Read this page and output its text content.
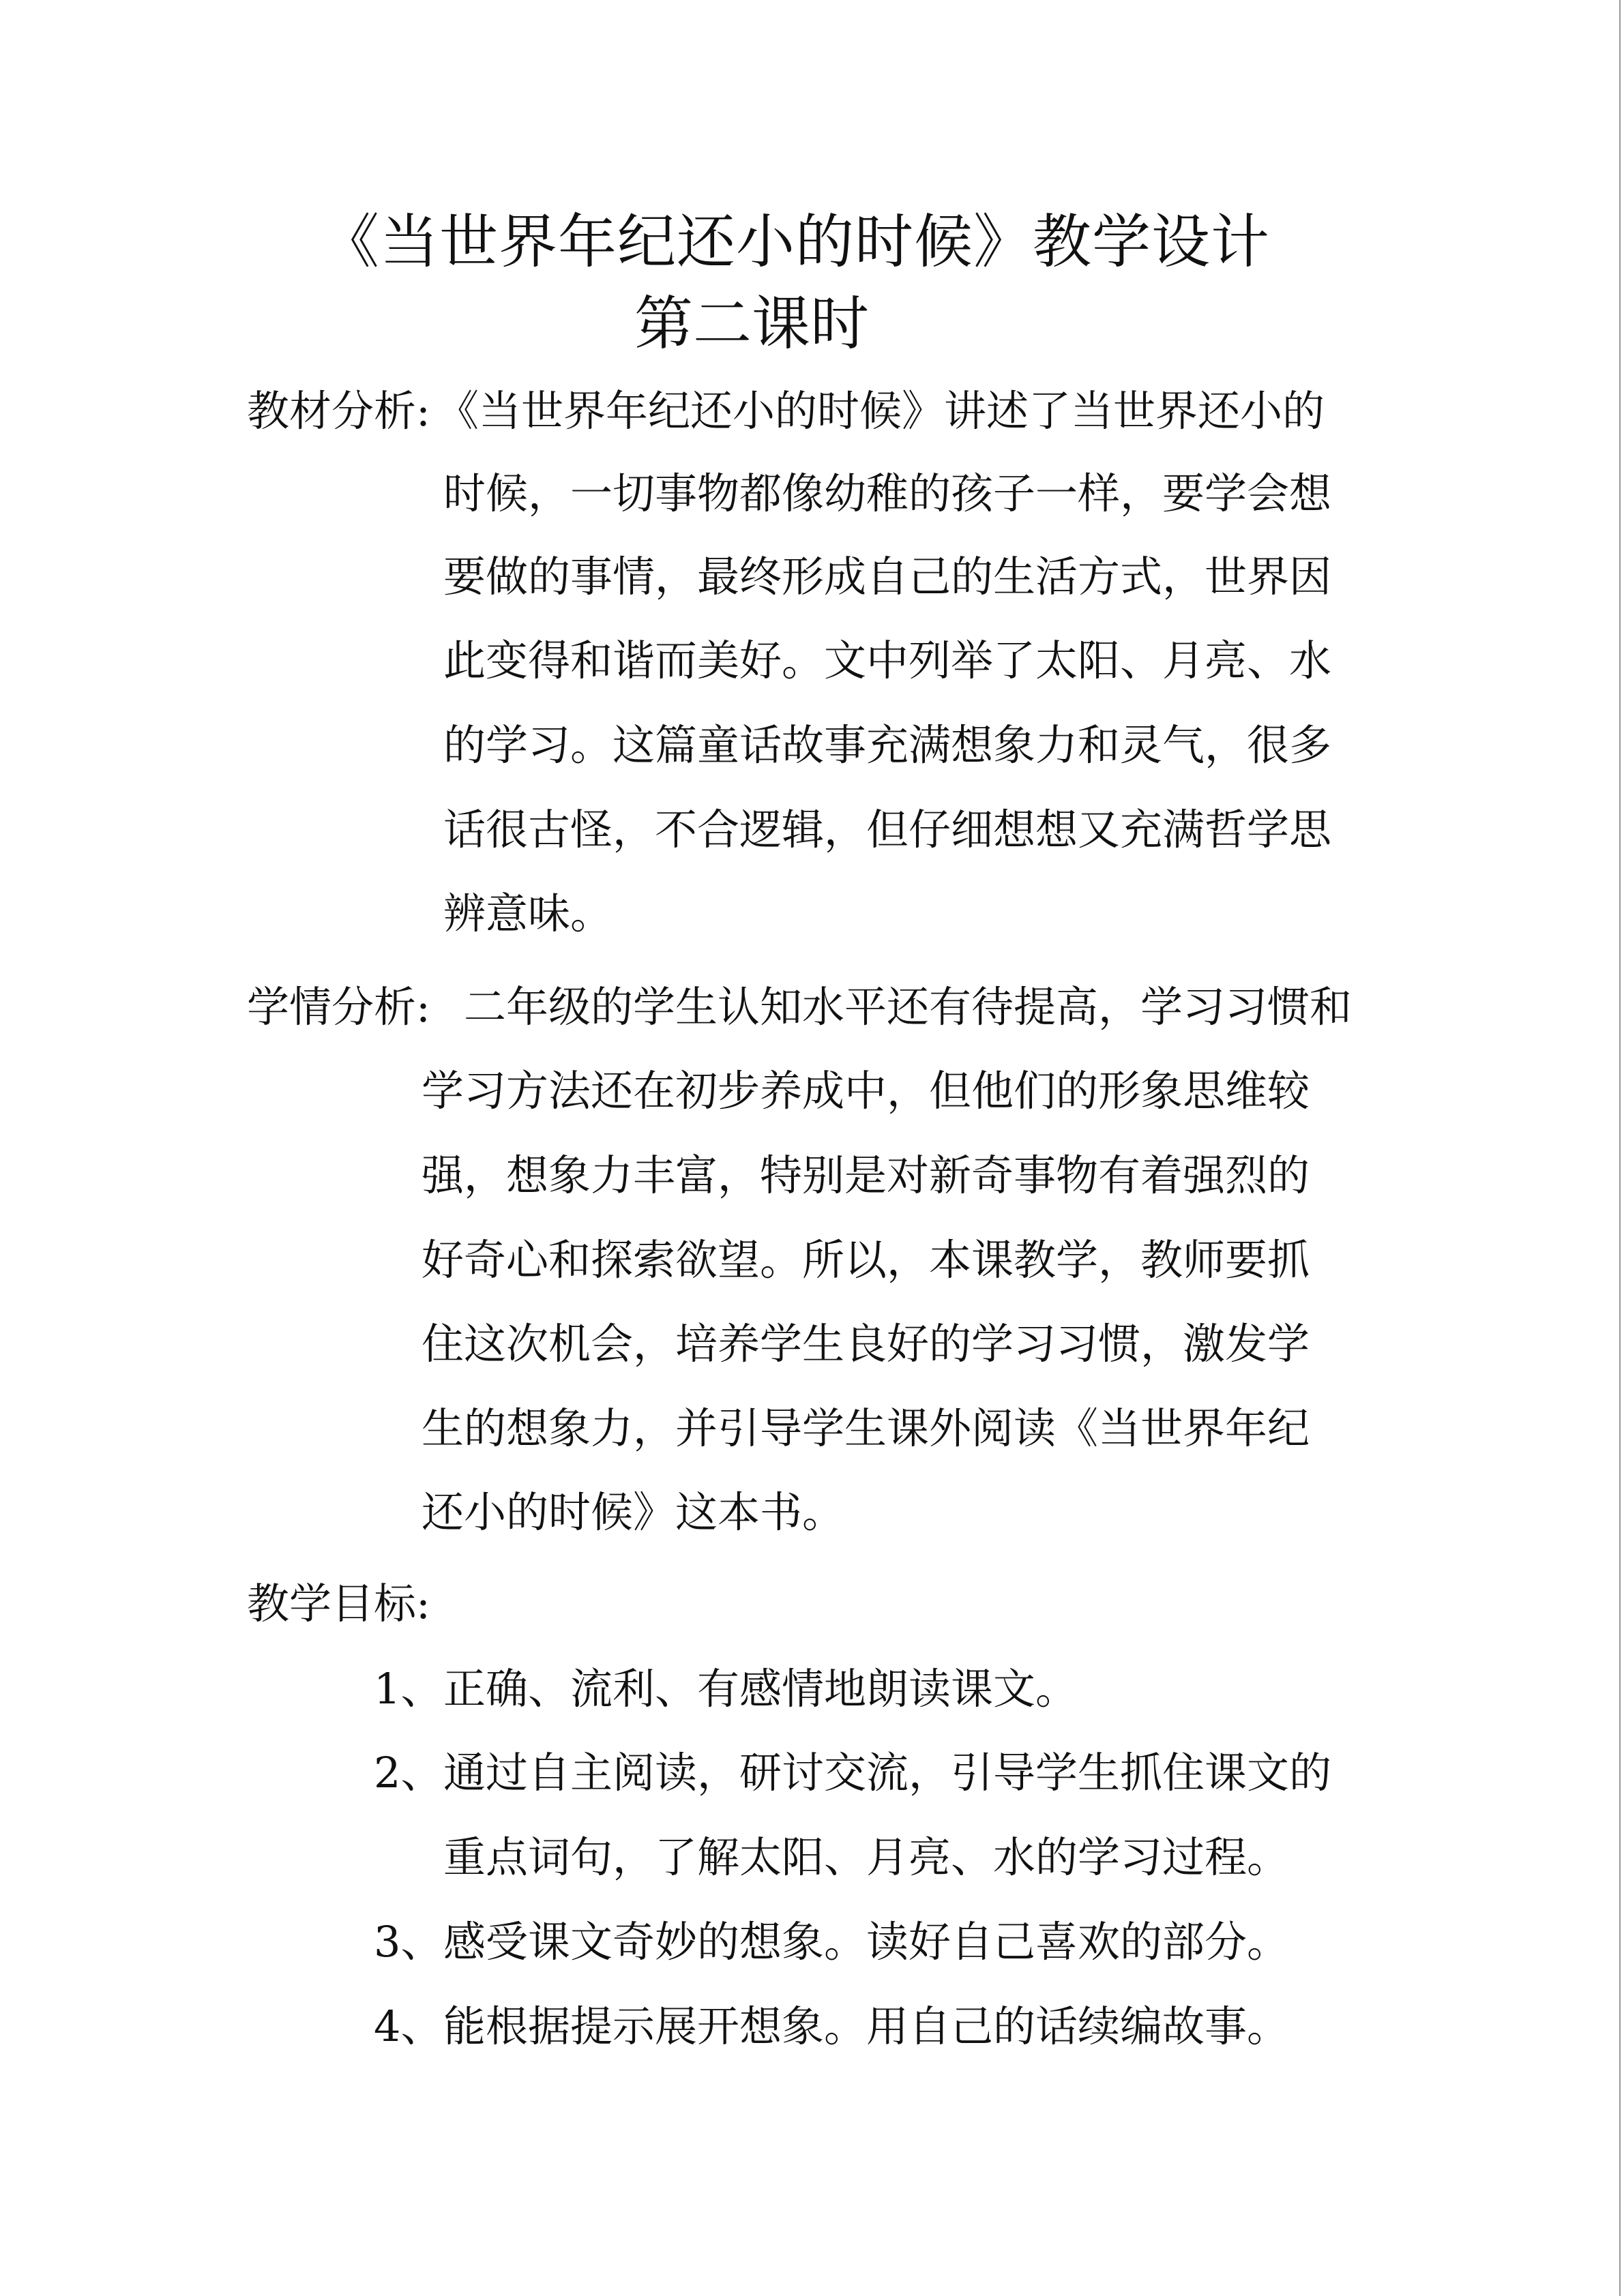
《当世界年纪还小的时候》教学设计
第二课时
教材分析: 《当世界年纪还小的时候》讲述了当世界还小的
时候，一切事物都像幼稚的孩子一样，要学会想
要做的事情，最终形成自己的生活方式，世界因
此变得和谐而美好。文中列举了太阳、月亮、水
的学习。这篇童话故事充满想象力和灵气，很多
话很古怪，不合逻辑，但仔细想想又充满哲学思
辨意味。
学情分析: 二年级的学生认知水平还有待提高，学习习惯和
学习方法还在初步养成中，但他们的形象思维较
强，想象力丰富，特别是对新奇事物有着强烈的
好奇心和探索欲望。所以，本课教学，教师要抓
住这次机会，培养学生良好的学习习惯，激发学
生的想象力，并引导学生课外阅读《当世界年纪
还小的时候》这本书。
教学目标:
1、 正确、流利、有感情地朗读课文。
2、 通过自主阅读，研讨交流，引导学生抓住课文的
重点词句，了解太阳、月亮、水的学习过程。
3、 感受课文奇妙的想象。读好自己喜欢的部分。
4、 能根据提示展开想象。用自己的话续编故事。
